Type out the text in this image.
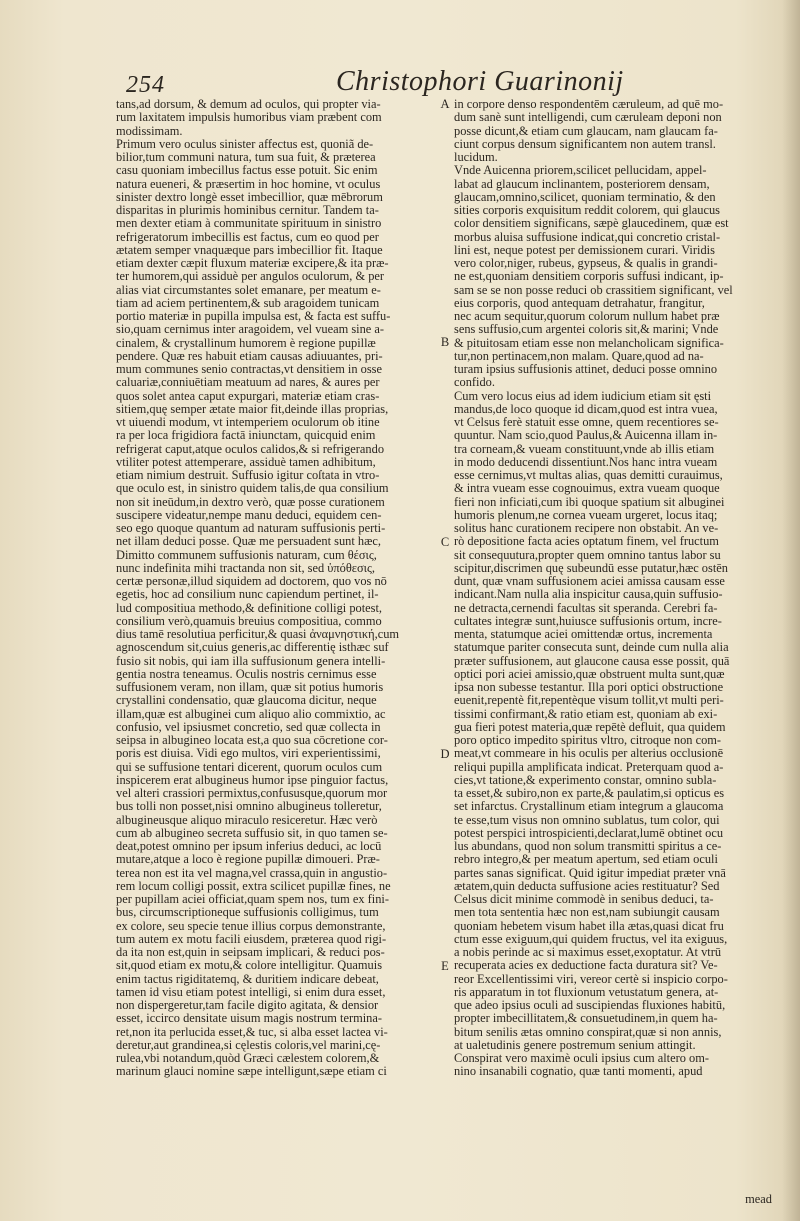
254	Christophori Guarinonij
tans,ad dorsum, & demum ad oculos, qui propter via-
rum laxitatem impulsis humoribus viam præbent com
modissimam.
Primum vero oculus sinister affectus est, quoniã de-
bilior,tum communi natura, tum sua fuit, & præterea
casu quoniam imbecillus factus esse potuit. Sic enim
natura eueneri, & præsertim in hoc homine, vt oculus
sinister dextro longè esset imbecillior, quæ mēbrorum
disparitas in plurimis hominibus cernitur. Tandem ta-
men dexter etiam à communitate spirituum in sinistro
refrigeratorum imbecillis est factus, cum eo quod per
ætatem semper vnaquæque pars imbecillior fit. Itaque
etiam dexter cæpit fluxum materiæ excipere,& ita præ-
ter humorem,qui assiduè per angulos oculorum, & per
alias viat circumstantes solet emanare, per meatum e-
tiam ad aciem pertinentem,& sub aragoidem tunicam
portio materiæ in pupilla impulsa est, & facta est suffu-
sio,quam cernimus inter aragoidem, vel vueam sine a-
cinalem, & crystallinum humorem è regione pupillæ
pendere. Quæ res habuit etiam causas adiuuantes, pri-
mum communes senio contractas,vt densitiem in osse
caluariæ,conniuētiam meatuum ad nares, & aures per
quos solet antea caput expurgari, materiæ etiam cras-
sitiem,quę semper ætate maior fit,deinde illas proprias,
vt uiuendi modum, vt intemperiem oculorum ob itine
ra per loca frigidiora factā iniunctam, quicquid enim
refrigerat caput,atque oculos calidos,& si refrigerando
vtiliter potest attemperare, assiduè tamen adhibitum,
etiam nimium destruit. Suffusio igitur coſtata in vtro-
que oculo est, in sinistro quidem talis,de qua consilium
non sit ineūdum,in dextro verò, quæ posse curationem
suscipere videatur,nempe manu deduci, equidem cen-
seo ego quoque quantum ad naturam suffusionis perti-
net illam deduci posse. Quæ me persuadent sunt hæc,
Dimitto communem suffusionis naturam, cum θέσις,
nunc indefinita mihi tractanda non sit, sed ὑπόθεσις,
certæ personæ,illud siquidem ad doctorem, quo vos nō
egetis, hoc ad consilium nunc capiendum pertinet, il-
lud compositiua methodo,& definitione colligi potest,
consilium verò,quamuis breuius compositiua, commo
dius tamē resolutiua perficitur,& quasi ἀναμνηστική,cum
agnoscendum sit,cuius generis,ac differentię isthæc suf
fusio sit nobis, qui iam illa suffusionum genera intelli-
gentia nostra teneamus. Oculis nostris cernimus esse
suffusionem veram, non illam, quæ sit potius humoris
crystallini condensatio, quæ glaucoma dicitur, neque
illam,quæ est albuginei cum aliquo alio commixtio, ac
confusio, vel ipsiusmet concretio, sed quæ collecta in
seipsa in albugineo locata est,a quo sua cōcretione cor-
poris est diuisa. Vidi ego multos, viri experientissimi,
qui se suffusione tentari dicerent, quorum oculos cum
inspicerem erat albugineus humor ipse pinguior factus,
vel alteri crassiori permixtus,confususque,quorum mor
bus tolli non posset,nisi omnino albugineus tolleretur,
albugineusque aliquo miraculo resiceretur. Hæc verò
cum ab albugineo secreta suffusio sit, in quo tamen se-
deat,potest omnino per ipsum inferius deduci, ac locū
mutare,atque a loco è regione pupillæ dimoueri. Præ-
terea non est ita vel magna,vel crassa,quin in angustio-
rem locum colligi possit, extra scilicet pupillæ fines, ne
per pupillam aciei officiat,quam spem nos, tum ex fini-
bus, circumscriptioneque suffusionis colligimus, tum
ex colore, seu specie tenue illius corpus demonstrante,
tum autem ex motu facili eiusdem, præterea quod rigi-
da ita non est,quin in seipsam implicari, & reduci pos-
sit,quod etiam ex motu,& colore intelligitur. Quamuis
enim tactus rigiditatemq, & duritiem indicare debeat,
tamen id visu etiam potest intelligi, si enim dura esset,
non dispergeretur,tam facile digito agitata, & densior
esset, iccirco densitate uisum magis nostrum termina-
ret,non ita perlucida esset,& tuc, si alba esset lactea vi-
deretur,aut grandinea,si cęlestis coloris,vel marini,cę-
rulea,vbi notandum,quòd Græci cælestem colorem,&
marinum glauci nomine sæpe intelligunt,sæpe etiam ci
A
B
C
D
E
in corpore denso respondentēm cæruleum, ad quē mo-
dum sanè sunt intelligendi, cum cæruleam deponi non
posse dicunt,& etiam cum glaucam, nam glaucam fa-
ciunt corpus densum significantem non autem transl.
lucidum.
Vnde Auicenna priorem,scilicet pellucidam, appel-
labat ad glaucum inclinantem, posteriorem densam,
glaucam,omnino,scilicet, quoniam terminatio, & den
sities corporis exquisitum reddit colorem, qui glaucus
color densitiem significans, sæpè glaucedinem, quæ est
morbus aluisa suffusione indicat,qui concretio cristal-
lini est, neque potest per demissionem curari. Viridis
vero color,niger, rubeus, gypseus, & qualis in grandi-
ne est,quoniam densitiem corporis suffusi indicant, ip-
sam se se non posse reduci ob crassitiem significant, vel
eius corporis, quod antequam detrahatur, frangitur,
nec acum sequitur,quorum colorum nullum habet præ
sens suffusio,cum argentei coloris sit,& marini; Vnde
& pituitosam etiam esse non melancholicam significa-
tur,non pertinacem,non malam. Quare,quod ad na-
turam ipsius suffusionis attinet, deduci posse omnino
confido.
Cum vero locus eius ad idem iudicium etiam sit ęsti
mandus,de loco quoque id dicam,quod est intra vuea,
vt Celsus ferè statuit esse omne, quem recentiores se-
quuntur. Nam scio,quod Paulus,& Auicenna illam in-
tra corneam,& vueam constituunt,vnde ab illis etiam
in modo deducendi dissentiunt.Nos hanc intra vueam
esse cernimus,vt multas alias, quas demitti curauimus,
& intra vueam esse cognouimus, extra vueam quoque
fieri non inficiati,cum ibi quoque spatium sit albuginei
humoris plenum,ne cornea vueam urgeret, locus itaq;
solitus hanc curationem recipere non obstabit. An ve-
rò depositione facta acies optatum finem, vel fructum
sit consequutura,propter quem omnino tantus labor su
scipitur,discrimen quę subeundū esse putatur,hæc ostēn
dunt, quæ vnam suffusionem aciei amissa causam esse
indicant.Nam nulla alia inspicitur causa,quin suffusio-
ne detracta,cernendi facultas sit speranda. Cerebri fa-
cultates integræ sunt,huiusce suffusionis ortum, incre-
menta, statumque aciei omittendæ ortus, incrementa
statumque pariter consecuta sunt, deinde cum nulla alia
præter suffusionem, aut glaucone causa esse possit, quā
optici pori aciei amissio,quæ obstruent multa sunt,quæ
ipsa non subesse testantur. Illa pori optici obstructione
euenit,repentè fit,repentèque visum tollit,vt multi peri-
tissimi confirmant,& ratio etiam est, quoniam ab exi-
gua fieri potest materia,quæ repētè defluit, qua quidem
poro optico impedito spiritus vltro, citroque non com-
meat,vt commeare in his oculis per alterius occlusionē
reliqui pupilla amplificata indicat. Preterquam quod a-
cies,vt tatione,& experimento constar, omnino subla-
ta esset,& subiro,non ex parte,& paulatim,si opticus es
set infarctus. Crystallinum etiam integrum a glaucoma
te esse,tum visus non omnino sublatus, tum color, qui
potest perspici introspicienti,declarat,lumē obtinet ocu
lus abundans, quod non solum transmitti spiritus a ce-
rebro integro,& per meatum apertum, sed etiam oculi
partes sanas significat. Quid igitur impediat præter vnā
ætatem,quin deducta suffusione acies restituatur? Sed
Celsus dicit minime commodè in senibus deduci, ta-
men tota sententia hæc non est,nam subiungit causam
quoniam hebetem visum habet illa ætas,quasi dicat fru
ctum esse exiguum,qui quidem fructus, vel ita exiguus,
a nobis perinde ac si maximus esset,exoptatur. At vtrū
recuperata acies ex deductione facta duratura sit? Ve-
reor Excellentissimi viri, vereor certè si inspicio corpo-
ris apparatum in tot fluxionum vetustatum genera, at-
que adeo ipsius oculi ad suscipiendas fluxiones habitū,
propter imbecillitatem,& consuetudinem,in quem ha-
bitum senilis ætas omnino conspirat,quæ si non annis,
at ualetudinis genere postremum senium attingit.
Conspirat vero maximè oculi ipsius cum altero om-
nino insanabili cognatio, quæ tanti momenti, apud
mead
